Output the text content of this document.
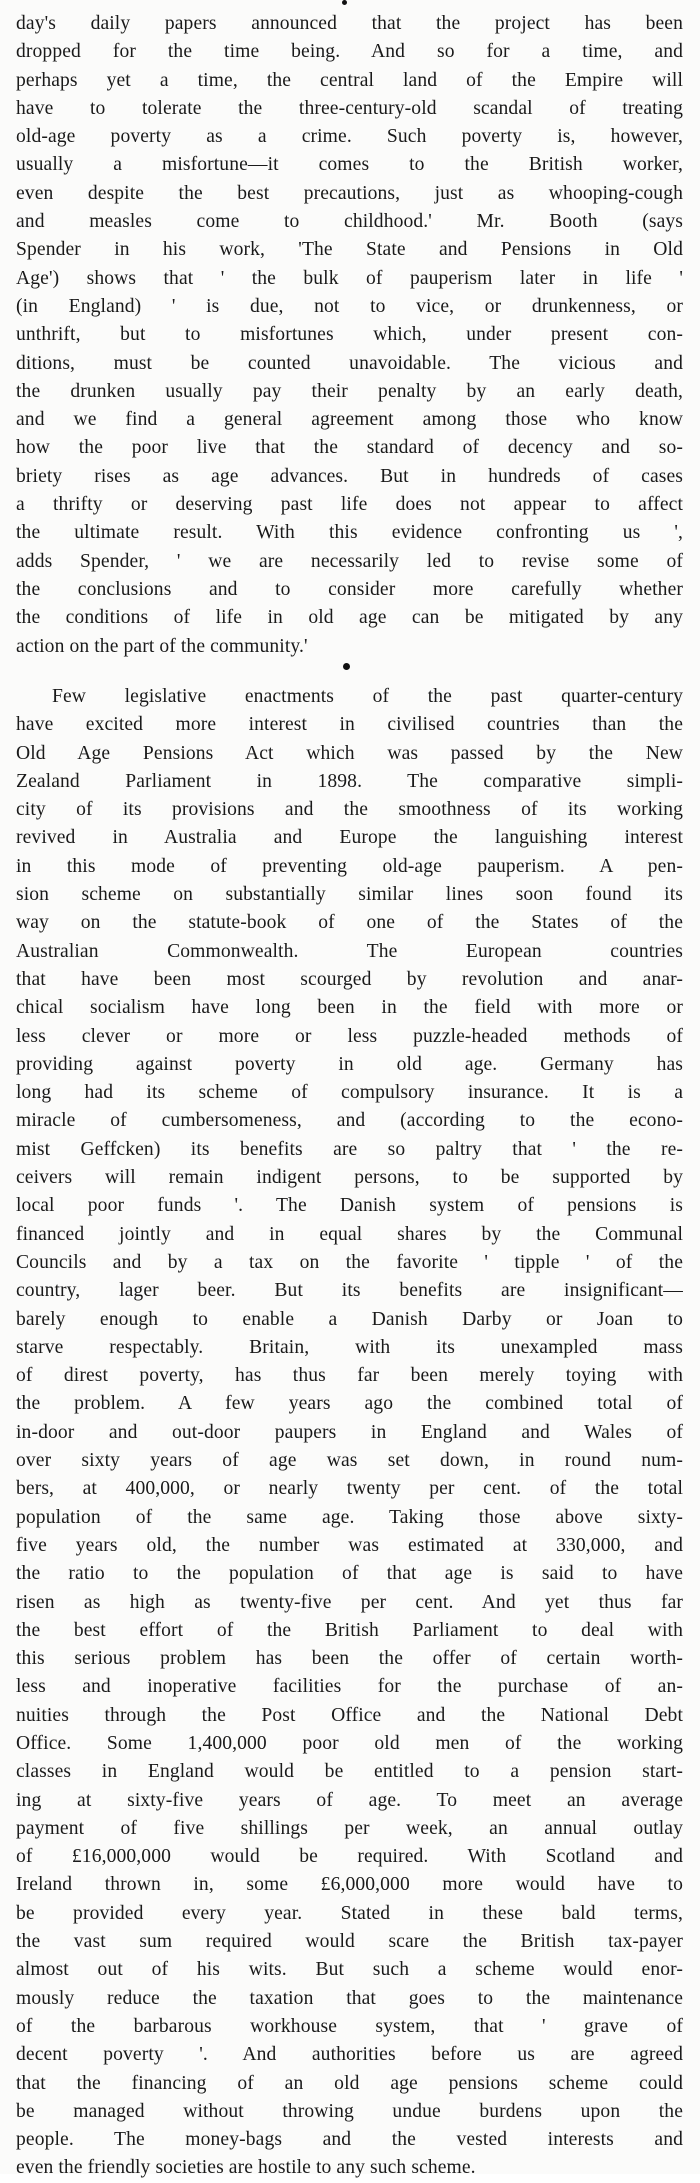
day's daily papers announced that the project has been
dropped for the time being. And so for a time, and
perhaps yet a time, the central land of the Empire will
have to tolerate the three-century-old scandal of treating
old-age poverty as a crime. Such poverty is, however,
usually a misfortune—it comes to the British worker,
even despite the best precautions, just as whooping-cough
and measles come to childhood.' Mr. Booth (says
Spender in his work, 'The State and Pensions in Old
Age') shows that ' the bulk of pauperism later in life '
(in England) ' is due, not to vice, or drunkenness, or
unthrift, but to misfortunes which, under present con-
ditions, must be counted unavoidable. The vicious and
the drunken usually pay their penalty by an early death,
and we find a general agreement among those who know
how the poor live that the standard of decency and so-
briety rises as age advances. But in hundreds of cases
a thrifty or deserving past life does not appear to affect
the ultimate result. With this evidence confronting us ',
adds Spender, ' we are necessarily led to revise some of
the conclusions and to consider more carefully whether
the conditions of life in old age can be mitigated by any
action on the part of the community.'

Few legislative enactments of the past quarter-century
have excited more interest in civilised countries than the
Old Age Pensions Act which was passed by the New
Zealand Parliament in 1898. The comparative simpli-
city of its provisions and the smoothness of its working
revived in Australia and Europe the languishing interest
in this mode of preventing old-age pauperism. A pen-
sion scheme on substantially similar lines soon found its
way on the statute-book of one of the States of the
Australian Commonwealth. The European countries
that have been most scourged by revolution and anar-
chical socialism have long been in the field with more or
less clever or more or less puzzle-headed methods of
providing against poverty in old age. Germany has
long had its scheme of compulsory insurance. It is a
miracle of cumbersomeness, and (according to the econo-
mist Geffcken) its benefits are so paltry that ' the re-
ceivers will remain indigent persons, to be supported by
local poor funds '. The Danish system of pensions is
financed jointly and in equal shares by the Communal
Councils and by a tax on the favorite ' tipple ' of the
country, lager beer. But its benefits are insignificant—
barely enough to enable a Danish Darby or Joan to
starve respectably. Britain, with its unexampled mass
of direst poverty, has thus far been merely toying with
the problem. A few years ago the combined total of
in-door and out-door paupers in England and Wales of
over sixty years of age was set down, in round num-
bers, at 400,000, or nearly twenty per cent. of the total
population of the same age. Taking those above sixty-
five years old, the number was estimated at 330,000, and
the ratio to the population of that age is said to have
risen as high as twenty-five per cent. And yet thus far
the best effort of the British Parliament to deal with
this serious problem has been the offer of certain worth-
less and inoperative facilities for the purchase of an-
nuities through the Post Office and the National Debt
Office. Some 1,400,000 poor old men of the working
classes in England would be entitled to a pension start-
ing at sixty-five years of age. To meet an average
payment of five shillings per week, an annual outlay
of £16,000,000 would be required. With Scotland and
Ireland thrown in, some £6,000,000 more would have to
be provided every year. Stated in these bald terms,
the vast sum required would scare the British tax-payer
almost out of his wits. But such a scheme would enor-
mously reduce the taxation that goes to the maintenance
of the barbarous workhouse system, that ' grave of
decent poverty '. And authorities before us are agreed
that the financing of an old age pensions scheme could
be managed without throwing undue burdens upon the
people. The money-bags and the vested interests and
even the friendly societies are hostile to any such scheme.
